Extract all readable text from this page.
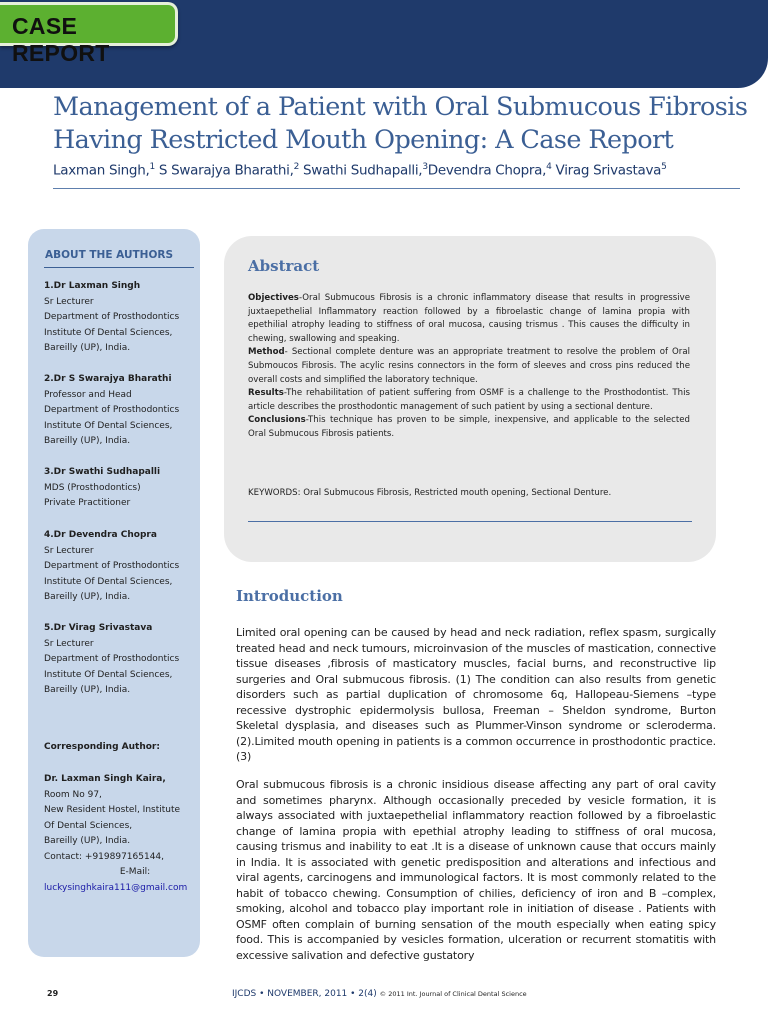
CASE REPORT
Management of a Patient with Oral Submucous Fibrosis
Having Restricted Mouth Opening: A Case Report
Laxman Singh,$^1$ S Swarajya Bharathi,$^2$ Swathi Sudhapalli,$^3$Devendra Chopra,$^4$ Virag Srivastava$^5$
ABOUT THE AUTHORS
1.Dr Laxman Singh
Sr Lecturer
Department of Prosthodontics
Institute Of Dental Sciences,
Bareilly (UP), India.
2.Dr S Swarajya Bharathi
Professor and Head
Department of Prosthodontics
Institute Of Dental Sciences,
Bareilly (UP), India.
3.Dr Swathi Sudhapalli
MDS (Prosthodontics)
Private Practitioner
4.Dr Devendra Chopra
Sr Lecturer
Department of Prosthodontics
Institute Of Dental Sciences,
Bareilly (UP), India.
5.Dr Virag Srivastava
Sr Lecturer
Department of Prosthodontics
Institute Of Dental Sciences,
Bareilly (UP), India.
Corresponding Author:
Dr. Laxman Singh Kaira,
Room No 97,
New Resident Hostel, Institute
Of Dental Sciences,
Bareilly (UP), India.
Contact: +919897165144,
E-Mail:
luckysinghkaira111@gmail.com
Abstract

Objectives-Oral Submucous Fibrosis is a chronic inflammatory disease that results in progressive juxtaepethelial Inflammatory reaction followed by a fibroelastic change of lamina propia with epethilial atrophy leading to stiffness of oral mucosa, causing trismus . This causes the difficulty in chewing, swallowing and speaking.

Method- Sectional complete denture was an appropriate treatment to resolve the problem of Oral Submoucos Fibrosis. The acylic resins connectors in the form of sleeves and cross pins reduced the overall costs and simplified the laboratory technique.

Results-The rehabilitation of patient suffering from OSMF is a challenge to the Prosthodontist. This article describes the prosthodontic management of such patient by using a sectional denture.

Conclusions-This technique has proven to be simple, inexpensive, and applicable to the selected Oral Submucous Fibrosis patients.

KEYWORDS: Oral Submucous Fibrosis, Restricted mouth opening, Sectional Denture.
Introduction

Limited oral opening can be caused by head and neck radiation, reflex spasm, surgically treated head and neck tumours, microinvasion of the muscles of mastication, connective tissue diseases ,fibrosis of masticatory muscles, facial burns, and reconstructive lip surgeries and Oral submucous fibrosis. (1) The condition can also results from genetic disorders such as partial duplication of chromosome 6q, Hallopeau-Siemens –type recessive dystrophic epidermolysis bullosa, Freeman – Sheldon syndrome, Burton Skeletal dysplasia, and diseases such as Plummer-Vinson syndrome or scleroderma. (2).Limited mouth opening in patients is a common occurrence in prosthodontic practice.(3)

Oral submucous fibrosis is a chronic insidious disease affecting any part of oral cavity and sometimes pharynx. Although occasionally preceded by vesicle formation, it is always associated with juxtaepethelial inflammatory reaction followed by a fibroelastic change of lamina propia with epethial atrophy leading to stiffness of oral mucosa, causing trismus and inability to eat .It is a disease of unknown cause that occurs mainly in India. It is associated with genetic predisposition and alterations and infectious and viral agents, carcinogens and immunological factors. It is most commonly related to the habit of tobacco chewing. Consumption of chilies, deficiency of iron and B –complex, smoking, alcohol and tobacco play important role in initiation of disease . Patients with OSMF often complain of burning sensation of the mouth especially when eating spicy food. This is accompanied by vesicles formation, ulceration or recurrent stomatitis with excessive salivation and defective gustatory

29	IJCDS • NOVEMBER, 2011 • 2(4) © 2011 Int. Journal of Clinical Dental Science
